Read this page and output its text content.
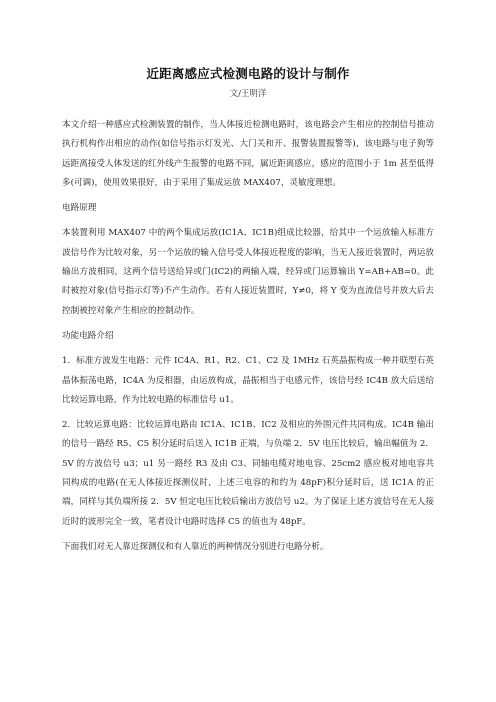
近距离感应式检测电路的设计与制作
文/王明洋

本文介绍一种感应式检测装置的制作，当人体接近检测电路时，该电路会产生相应的控制信号推动执行机构作出相应的动作(如信号指示灯发光、大门关和开、报警装置报警等)，该电路与电子狗等远距离接受人体发送的红外线产生报警的电路不同，属近距离感应，感应的范围小于 1m 甚至低得多(可调)，使用效果很好，由于采用了集成运放 MAX407，灵敏度理想。

电路原理

本装置利用 MAX407 中的两个集成运放(IC1A、IC1B)组成比较器，给其中一个运放输入标准方波信号作为比较对象，另一个运放的输入信号受人体接近程度的影响，当无人接近装置时，两运放输出方波相同，这两个信号送给异或门(IC2)的两输入端，经异或门运算输出 Y=AB+AB=0。此时被控对象(信号指示灯等)不产生动作。若有人接近装置时，Y≠0，将 Y 变为直流信号并放大后去控制被控对象产生相应的控制动作。

功能电路介绍

1．标准方波发生电路：元件 IC4A、R1、R2、C1、C2 及 1MHz 石英晶振构成一种并联型石英晶体振荡电路，IC4A 为反相器，由运放构成，晶振相当于电感元件，该信号经 IC4B 放大后送给比较运算电路，作为比较电路的标准信号 u1。

2．比较运算电路：比较运算电路由 IC1A、IC1B、IC2 及相应的外围元件共同构成。IC4B 输出的信号一路经 R5、C5 积分延时后送入 IC1B 正端，与负端 2．5V 电压比较后，输出幅值为 2．5V 的方波信号 u3；u1 另一路经 R3 及由 C3、同轴电缆对地电容、25cm2 感应板对地电容共同构成的电路(在无人体接近探测仪时，上述三电容的和约为 48pF)积分延时后，送 IC1A 的正端，同样与其负端所接 2．5V 恒定电压比较后输出方波信号 u2。为了保证上述方波信号在无人接近时的波形完全一致，笔者设计电路时选择 C5 的值也为 48pF。

下面我们对无人靠近探测仪和有人靠近的两种情况分别进行电路分析。
